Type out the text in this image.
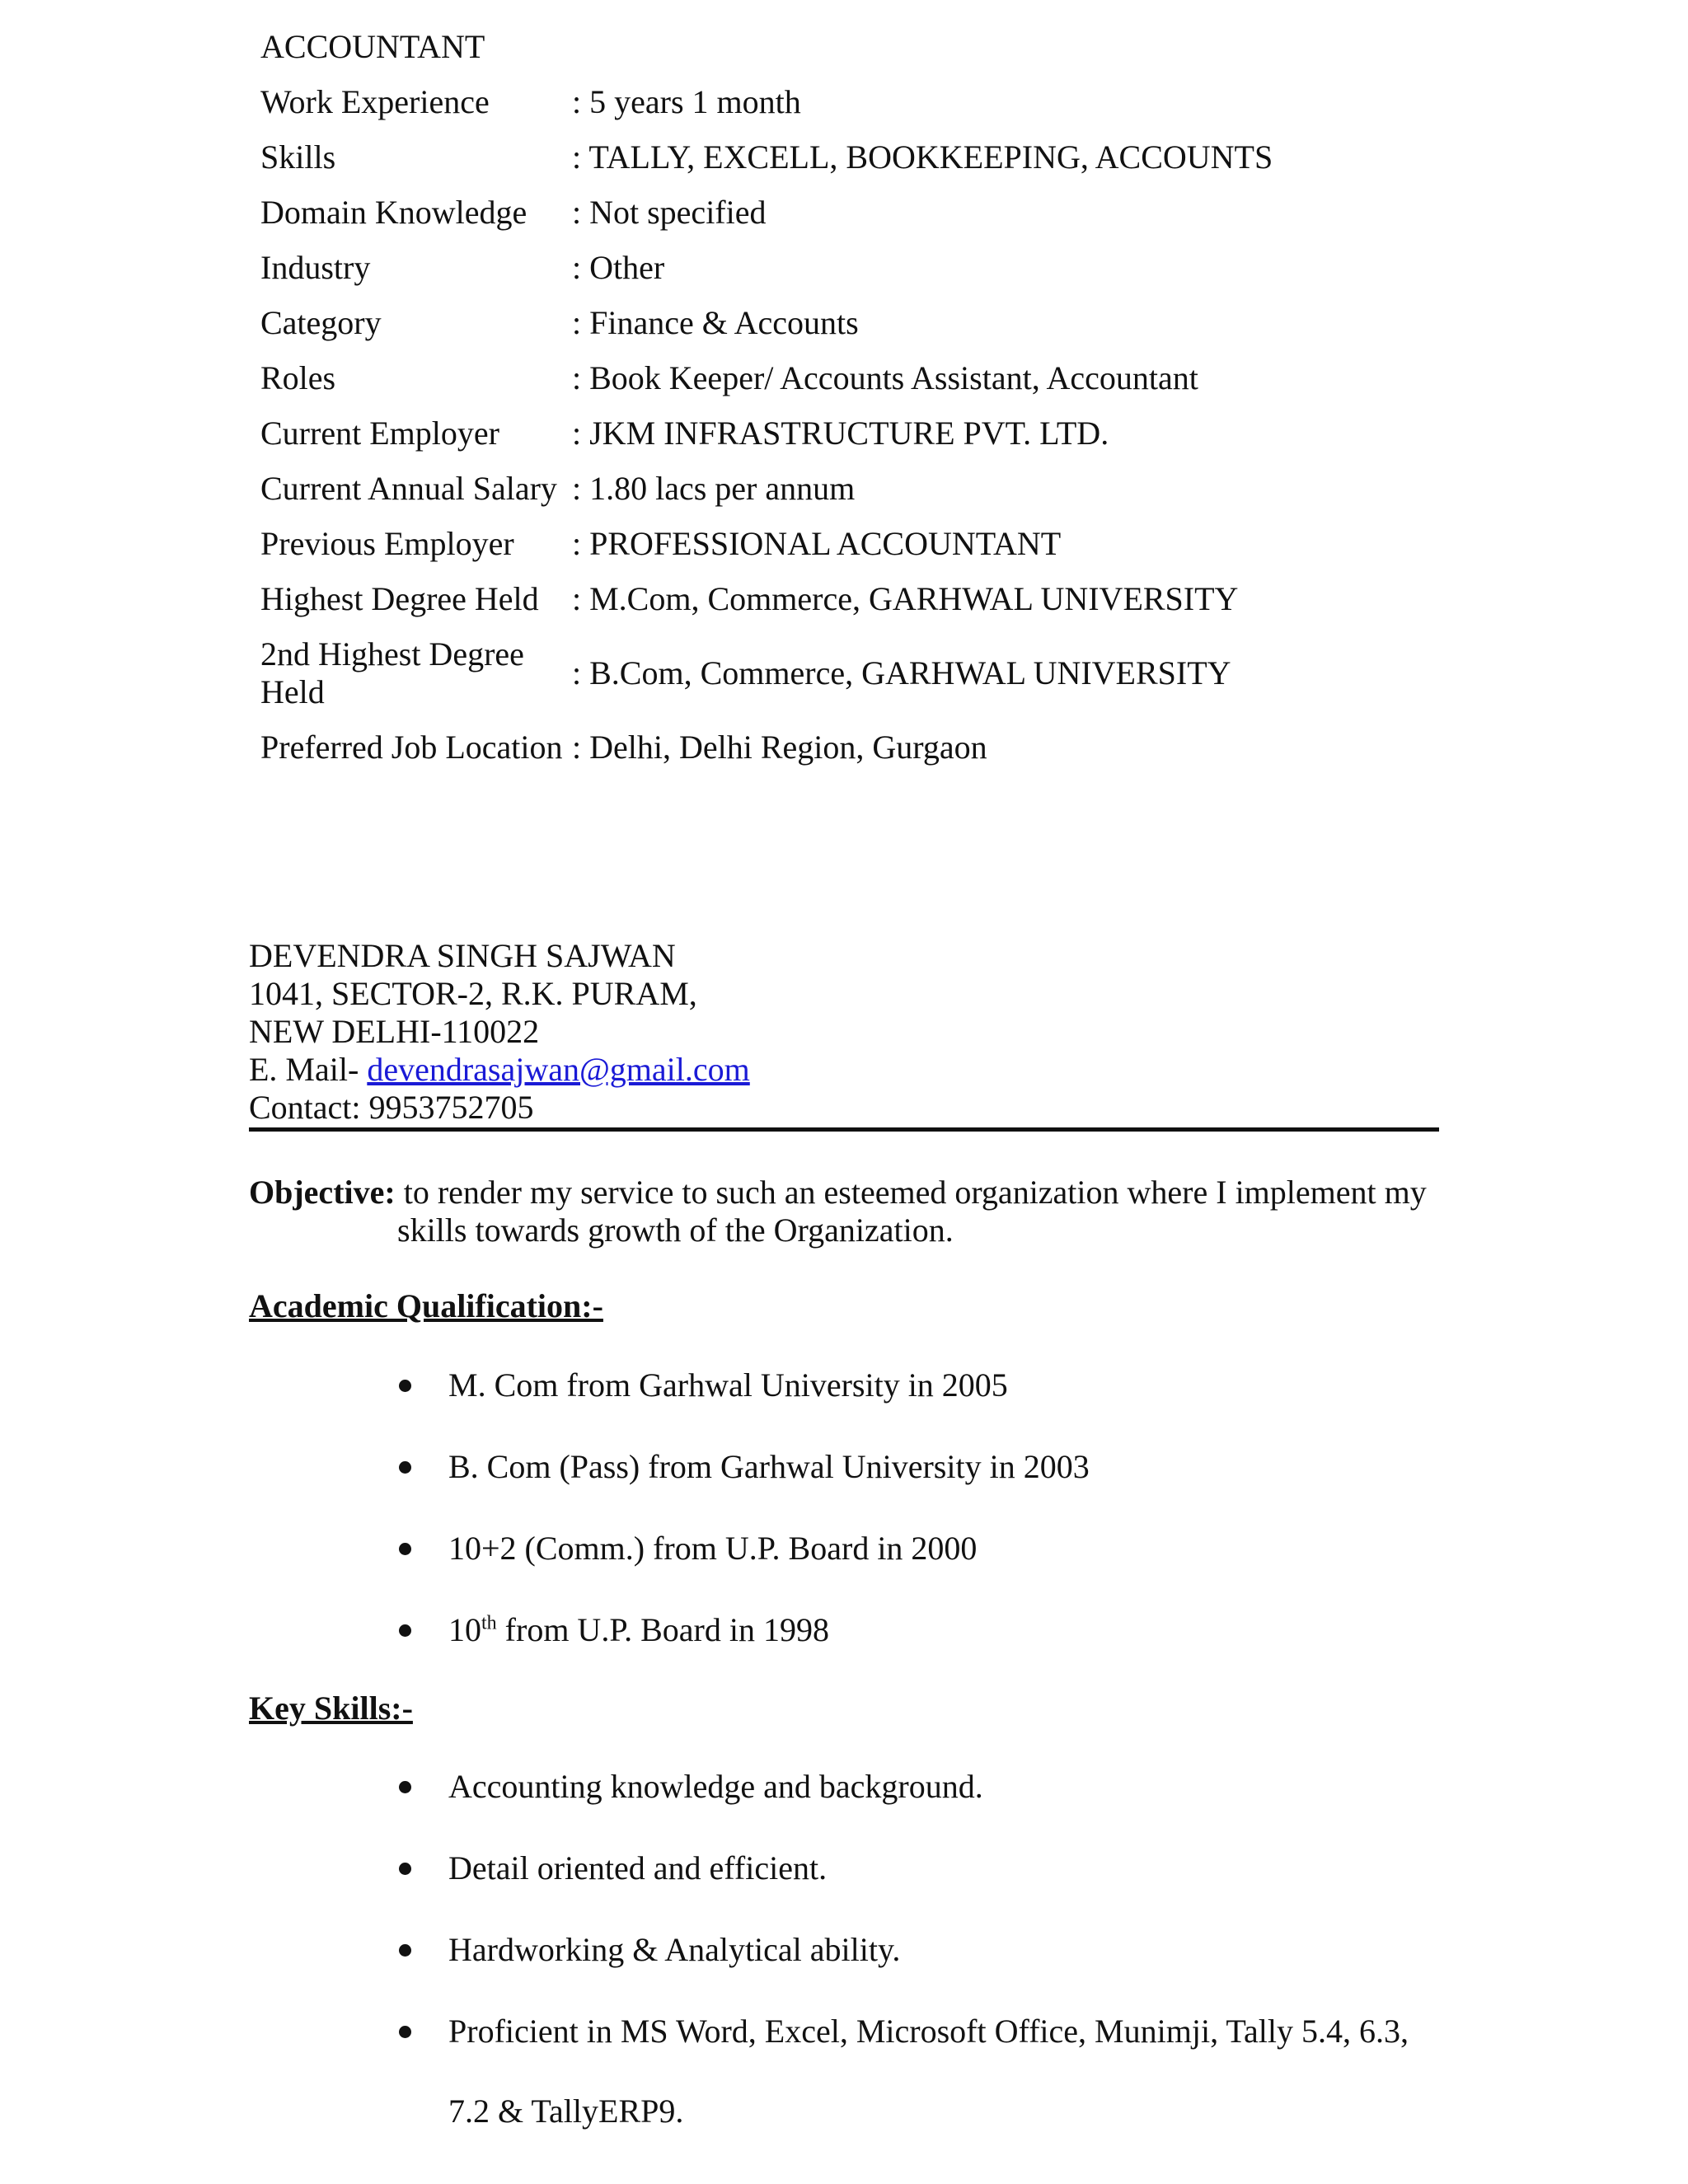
ACCOUNTANT
Work Experience	: 5 years 1 month
Skills	: TALLY, EXCELL, BOOKKEEPING, ACCOUNTS
Domain Knowledge	: Not specified
Industry	: Other
Category	: Finance & Accounts
Roles	: Book Keeper/ Accounts Assistant, Accountant
Current Employer	: JKM INFRASTRUCTURE PVT. LTD.
Current Annual Salary : 1.80 lacs per annum
Previous Employer	: PROFESSIONAL ACCOUNTANT
Highest Degree Held	: M.Com, Commerce, GARHWAL UNIVERSITY
2nd Highest Degree Held
: B.Com, Commerce, GARHWAL UNIVERSITY
Preferred Job Location : Delhi, Delhi Region, Gurgaon
DEVENDRA SINGH SAJWAN
1041, SECTOR-2, R.K. PURAM,
NEW DELHI-110022
E. Mail- devendrasajwan@gmail.com
Contact: 9953752705
Objective: to render my service to such an esteemed organization where I implement my
skills towards growth of the Organization.
Academic Qualification:-
M. Com from Garhwal University in 2005
B. Com (Pass) from Garhwal University in 2003
10+2 (Comm.) from U.P. Board in 2000
10th from U.P. Board in 1998
Key Skills:-
Accounting knowledge and background.
Detail oriented and efficient.
Hardworking & Analytical ability.
Proficient in MS Word, Excel, Microsoft Office, Munimji, Tally 5.4, 6.3,
7.2 & TallyERP9.
